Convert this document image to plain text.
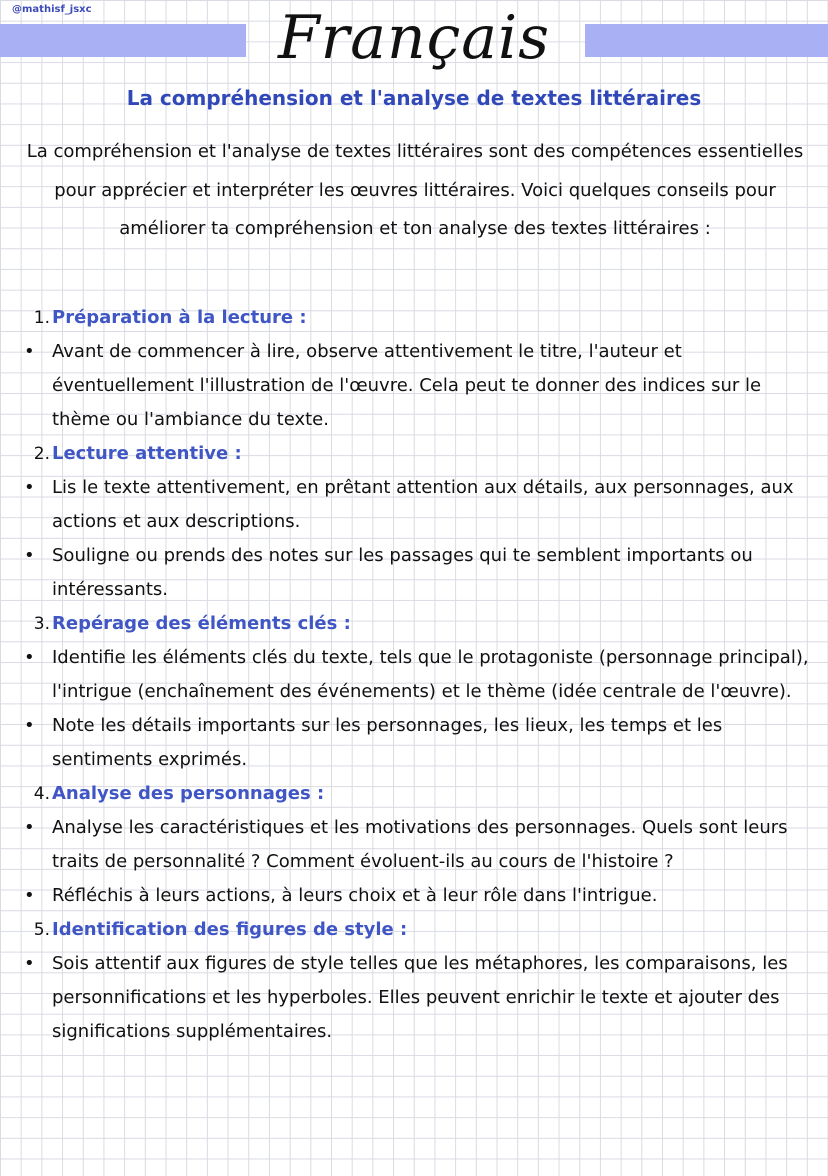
@mathisf_jsxc	Français
La compréhension et l'analyse de textes littéraires
La compréhension et l'analyse de textes littéraires sont des compétences essentielles pour apprécier et interpréter les œuvres littéraires. Voici quelques conseils pour améliorer ta compréhension et ton analyse des textes littéraires :
1. Préparation à la lecture :
• Avant de commencer à lire, observe attentivement le titre, l'auteur et éventuellement l'illustration de l'œuvre. Cela peut te donner des indices sur le thème ou l'ambiance du texte.
2. Lecture attentive :
• Lis le texte attentivement, en prêtant attention aux détails, aux personnages, aux actions et aux descriptions.
• Souligne ou prends des notes sur les passages qui te semblent importants ou intéressants.
3. Repérage des éléments clés :
• Identifie les éléments clés du texte, tels que le protagoniste (personnage principal), l'intrigue (enchaînement des événements) et le thème (idée centrale de l'œuvre).
• Note les détails importants sur les personnages, les lieux, les temps et les sentiments exprimés.
4. Analyse des personnages :
• Analyse les caractéristiques et les motivations des personnages. Quels sont leurs traits de personnalité ? Comment évoluent-ils au cours de l'histoire ?
• Réfléchis à leurs actions, à leurs choix et à leur rôle dans l'intrigue.
5. Identification des figures de style :
• Sois attentif aux figures de style telles que les métaphores, les comparaisons, les personnifications et les hyperboles. Elles peuvent enrichir le texte et ajouter des significations supplémentaires.
